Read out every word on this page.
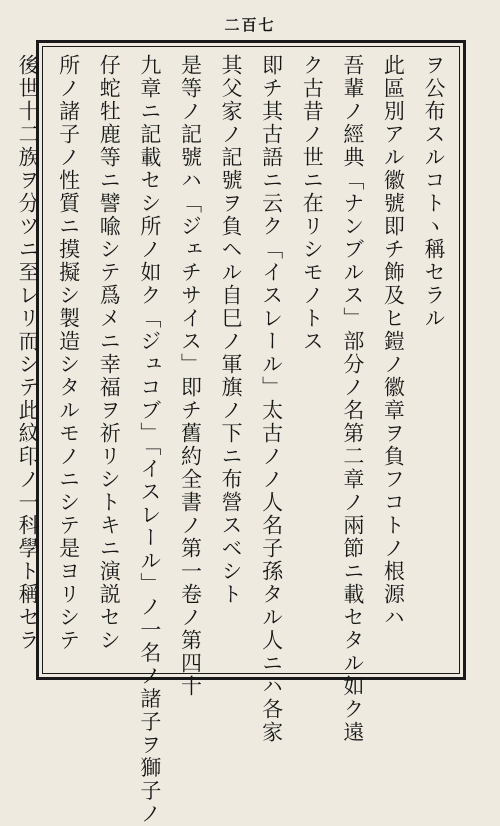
二百七
ヲ公布スルコトヽ稱セラル
此區別アル徽號即チ飾及ヒ鎧ノ徽章ヲ負フコトノ根源ハ
吾輩ノ經典「ナンブルス」部分ノ名第二章ノ兩節ニ載セタル如ク遠
ク古昔ノ世ニ在リシモノトス
即チ其古語ニ云ク「イスレール」太古ノノ人名子孫タル人ニハ各家
其父家ノ記號ヲ負ヘル自巳ノ軍旗ノ下ニ布營スベシト
是等ノ記號ハ「ジェチサイス」即チ舊約全書ノ第一卷ノ第四十
九章ニ記載セシ所ノ如ク「ジュコブ」「イスレール」ノ一名ノ諸子ヲ獅子ノ
仔蛇牡鹿等ニ譬喩シテ爲メニ幸福ヲ祈リシトキニ演説セシ
所ノ諸子ノ性質ニ摸擬シ製造シタルモノニシテ是ヨリシテ
後世十二族ヲ分ツニ至レリ而シテ此紋印ノ一科學ト稱セラ
